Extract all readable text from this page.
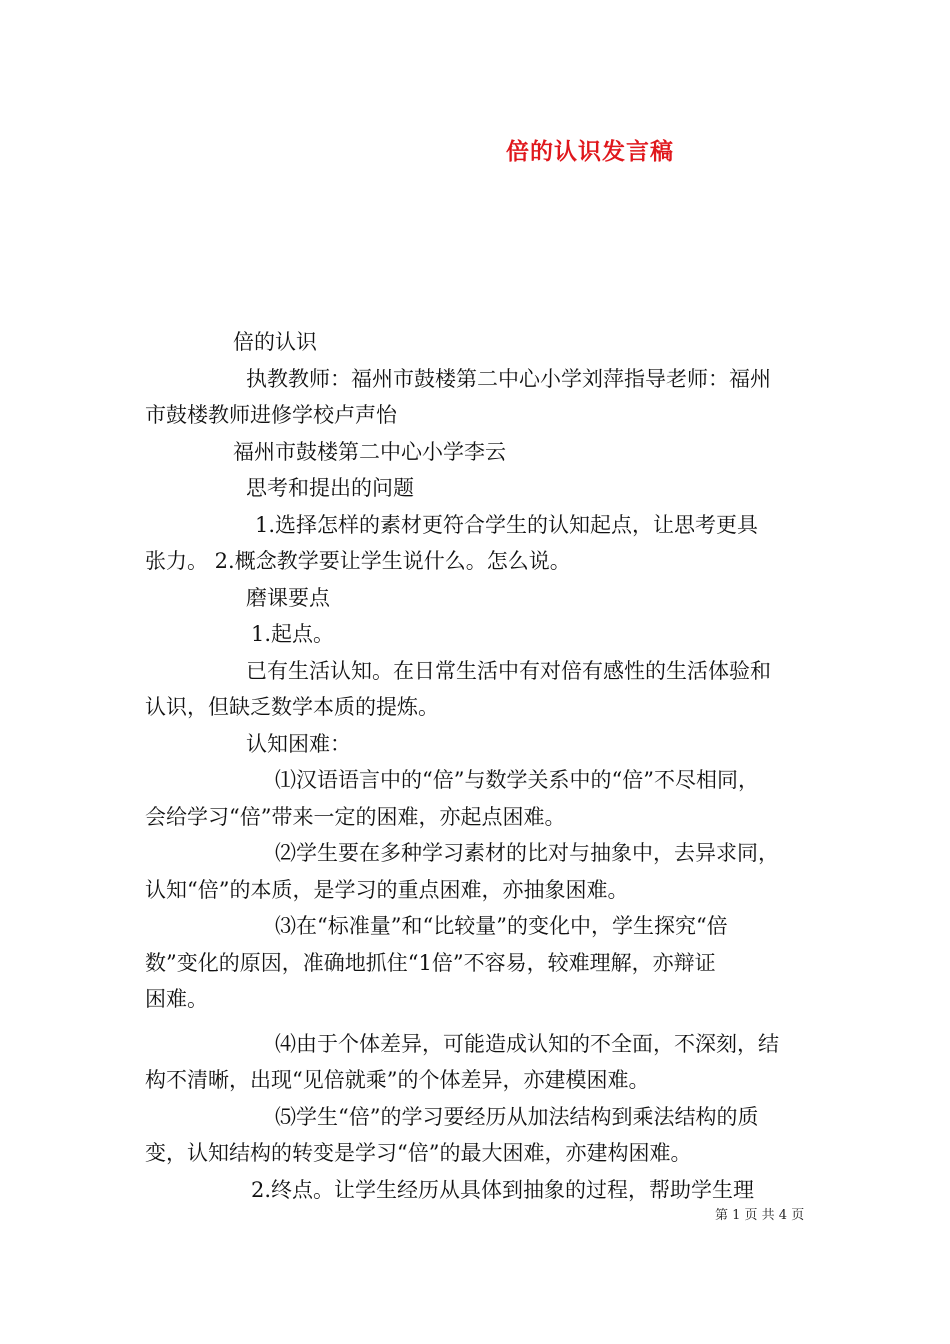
倍的认识发言稿
倍的认识
执教教师：福州市鼓楼第二中心小学刘萍指导老师：福州
市鼓楼教师进修学校卢声怡
福州市鼓楼第二中心小学李云
思考和提出的问题
1.选择怎样的素材更符合学生的认知起点，让思考更具
张力。 2.概念教学要让学生说什么。怎么说。
磨课要点
1.起点。
已有生活认知。在日常生活中有对倍有感性的生活体验和
认识，但缺乏数学本质的提炼。
认知困难：
⑴汉语语言中的“倍”与数学关系中的“倍”不尽相同，
会给学习“倍”带来一定的困难，亦起点困难。
⑵学生要在多种学习素材的比对与抽象中，去异求同，
认知“倍”的本质，是学习的重点困难，亦抽象困难。
⑶在“标准量”和“比较量”的变化中，学生探究“倍
数”变化的原因，准确地抓住“1倍”不容易，较难理解，亦辩证
困难。
⑷由于个体差异，可能造成认知的不全面，不深刻，结
构不清晰，出现“见倍就乘”的个体差异，亦建模困难。
⑸学生“倍”的学习要经历从加法结构到乘法结构的质
变，认知结构的转变是学习“倍”的最大困难，亦建构困难。
2.终点。让学生经历从具体到抽象的过程，帮助学生理
第 1 页 共 4 页
